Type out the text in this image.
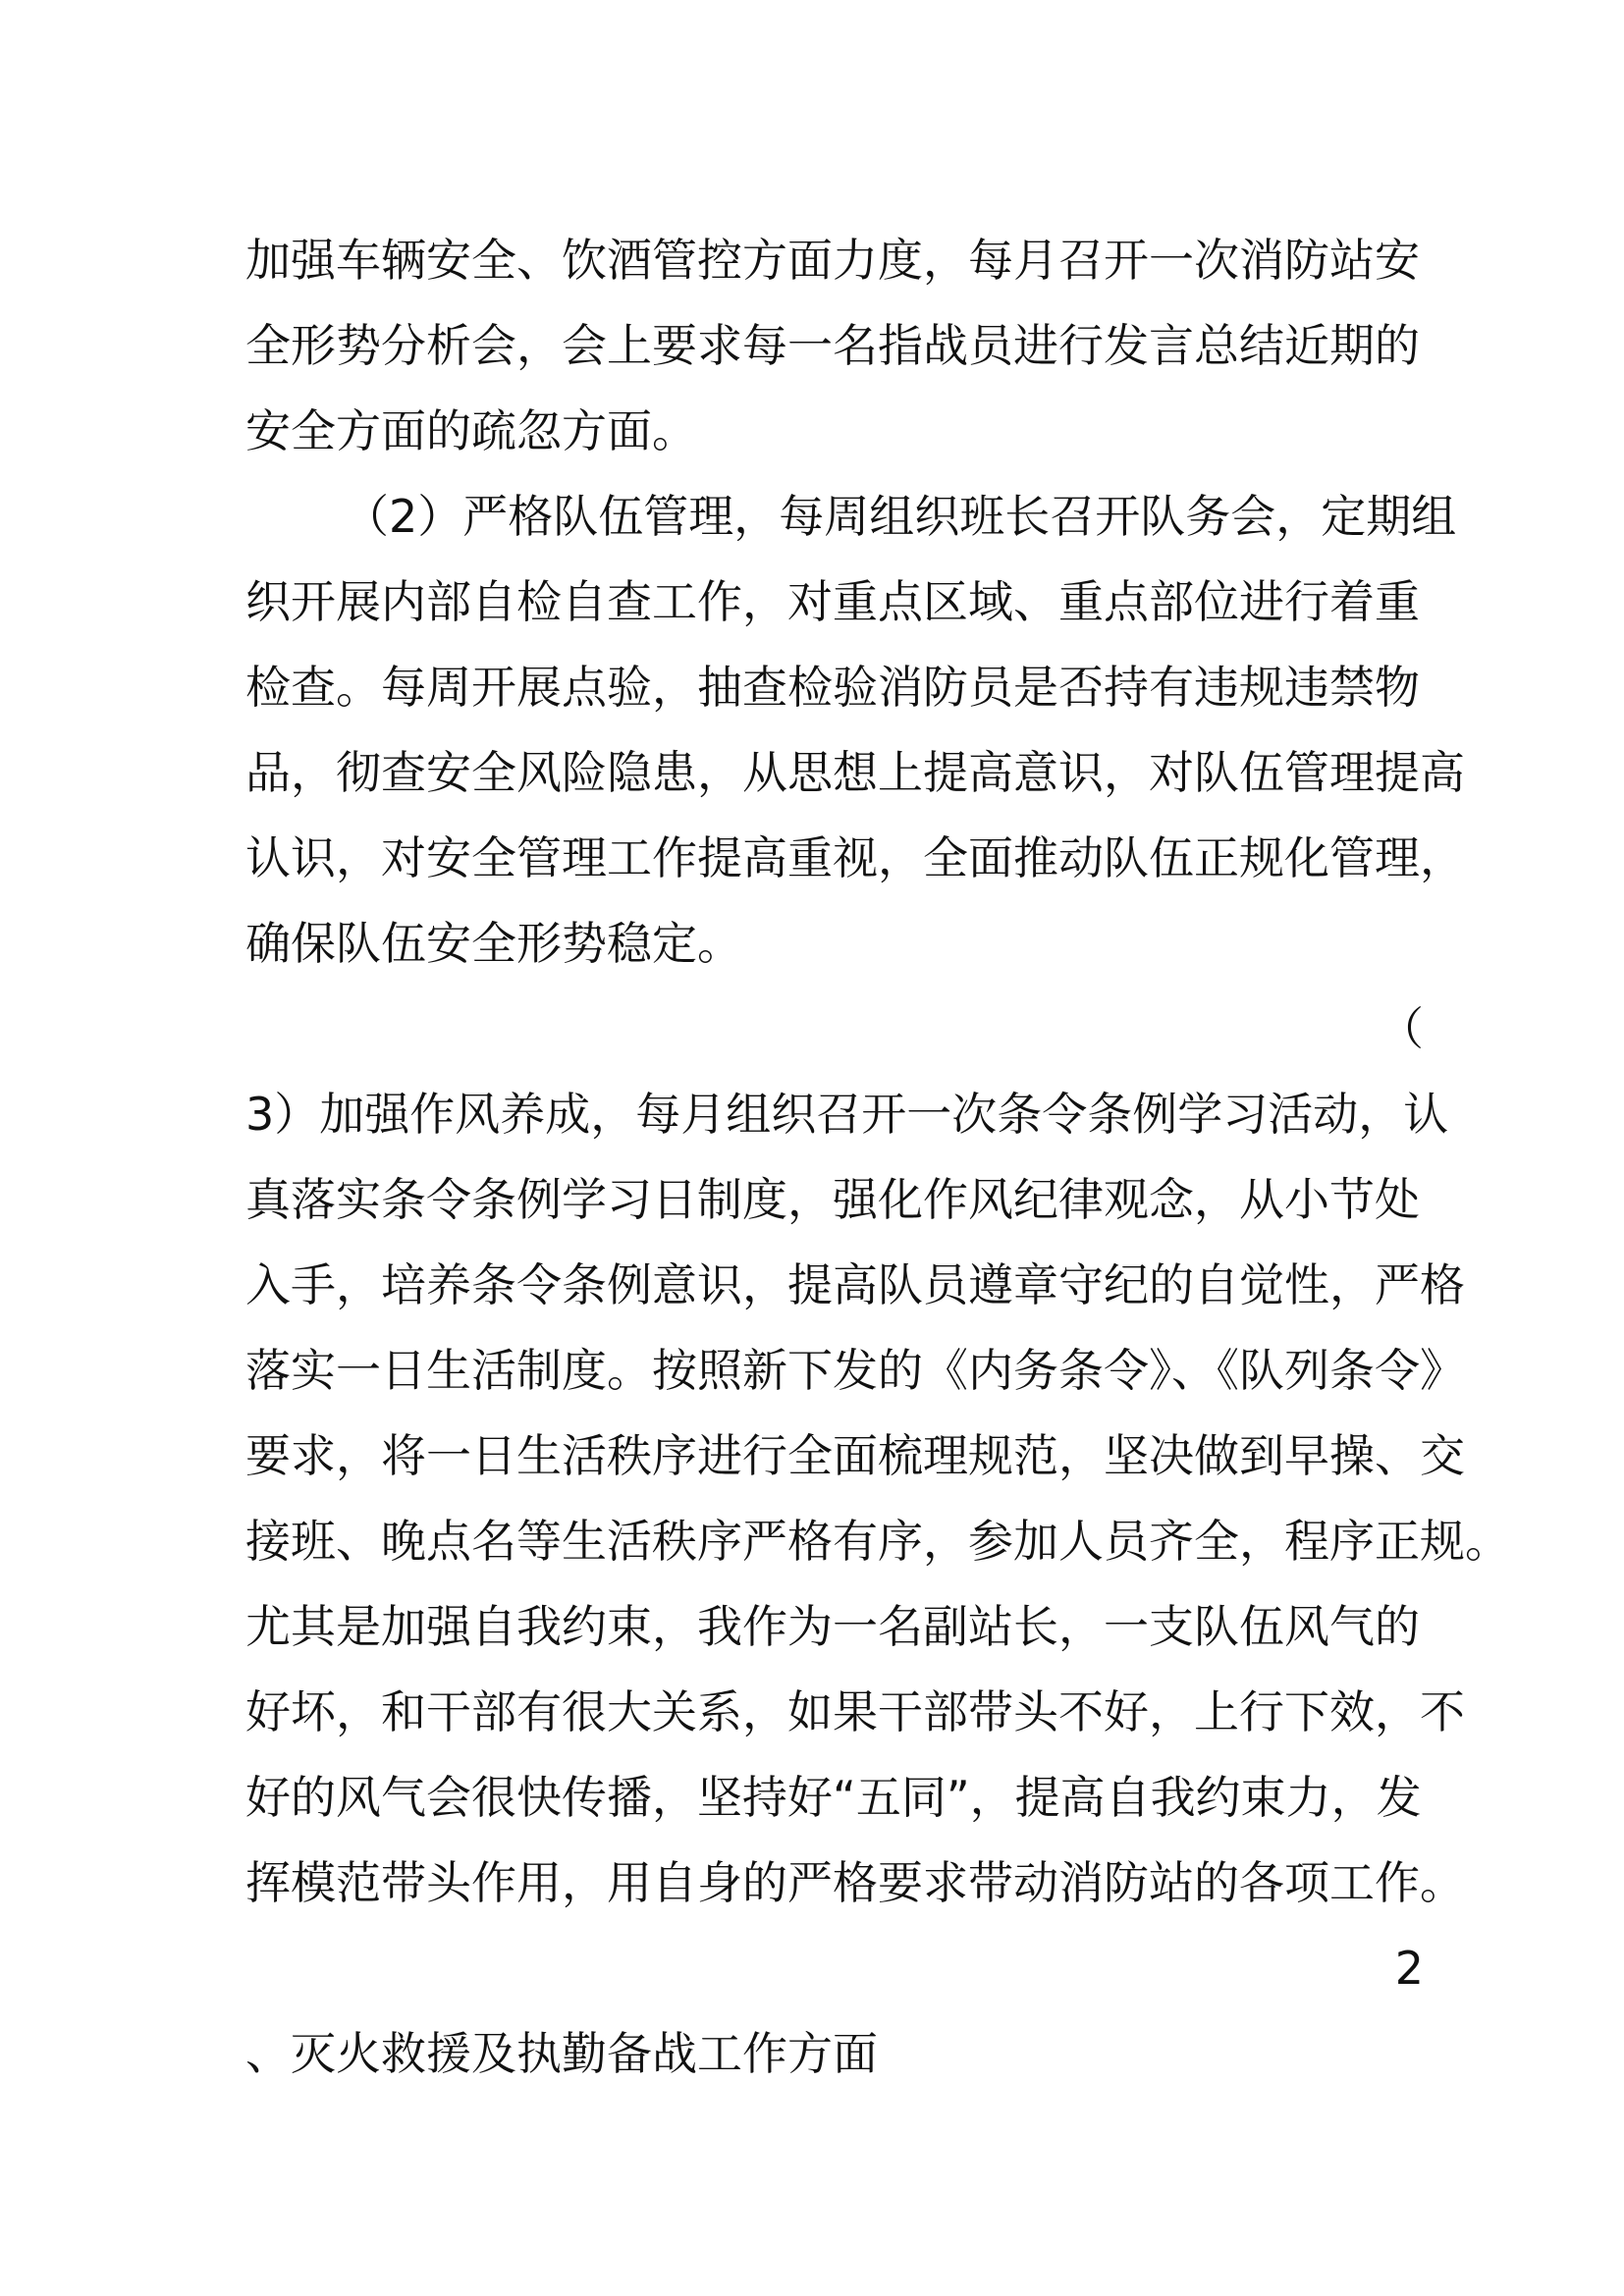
加强车辆安全、饮酒管控方面力度，每月召开一次消防站安
全形势分析会，会上要求每一名指战员进行发言总结近期的
安全方面的疏忽方面。
（2）严格队伍管理，每周组织班长召开队务会，定期组
织开展内部自检自查工作，对重点区域、重点部位进行着重
检查。每周开展点验，抽查检验消防员是否持有违规违禁物
品，彻查安全风险隐患，从思想上提高意识，对队伍管理提高
认识，对安全管理工作提高重视，全面推动队伍正规化管理，
确保队伍安全形势稳定。
（
3）加强作风养成，每月组织召开一次条令条例学习活动，认
真落实条令条例学习日制度，强化作风纪律观念，从小节处
入手，培养条令条例意识，提高队员遵章守纪的自觉性，严格
落实一日生活制度。按照新下发的《内务条令》、《队列条令》
要求，将一日生活秩序进行全面梳理规范，坚决做到早操、交
接班、晚点名等生活秩序严格有序，参加人员齐全，程序正规。
尤其是加强自我约束，我作为一名副站长，一支队伍风气的
好坏，和干部有很大关系，如果干部带头不好，上行下效，不
好的风气会很快传播，坚持好“五同”，提高自我约束力，发
挥模范带头作用，用自身的严格要求带动消防站的各项工作。
2
、灭火救援及执勤备战工作方面
